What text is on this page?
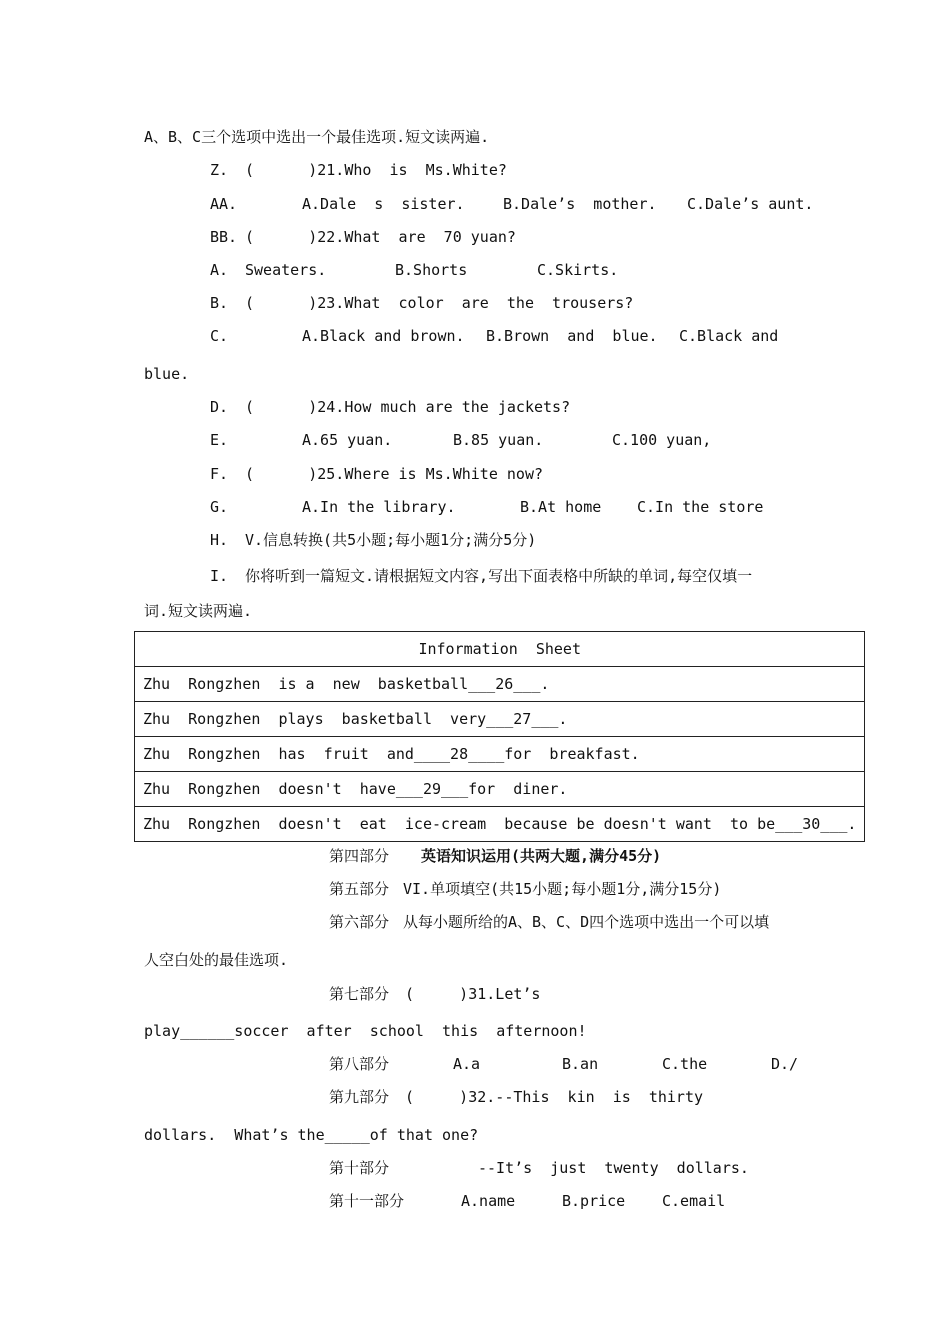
A、B、C三个选项中选出一个最佳选项.短文读两遍.
Z. (      )21.Who  is  Ms.White?
AA.	A.Dale  s  sister.	B.Dale’s  mother. C.Dale’s aunt.
BB. (      )22.What  are  70 yuan?
A. Sweaters.	B.Shorts	C.Skirts.
B. (      )23.What  color  are  the  trousers?
C.	A.Black and brown. B.Brown  and  blue. C.Black and
blue.
D. (      )24.How much are the jackets?
E.	A.65 yuan.	B.85 yuan.	C.100 yuan,
F. (      )25.Where is Ms.White now?
G.	A.In the library.	B.At home C.In the store
H. V.信息转换(共5小题;每小题1分;满分5分)
I. 你将听到一篇短文.请根据短文内容,写出下面表格中所缺的单词,每空仅填一
词.短文读两遍.
Information  Sheet
Zhu  Rongzhen  is a  new  basketball___26___.
Zhu  Rongzhen  plays  basketball  very___27___.
Zhu  Rongzhen  has  fruit  and____28____for  breakfast.
Zhu  Rongzhen  doesn't  have___29___for  diner.
Zhu  Rongzhen  doesn't  eat  ice-cream  because be doesn't want  to be___30___.
第四部分 英语知识运用(共两大题,满分45分)
第五部分 VI.单项填空(共15小题;每小题1分,满分15分)
第六部分 从每小题所给的A、B、C、D四个选项中选出一个可以填
人空白处的最佳选项.
第七部分 (     )31.Let’s
play______soccer  after  school  this  afternoon!
第八部分	A.a	B.an	C.the	D./
第九部分 (     )32.--This  kin  is  thirty
dollars.  What’s the_____of that one?
第十部分	--It’s  just  twenty  dollars.
第十一部分	A.name	B.price C.email
